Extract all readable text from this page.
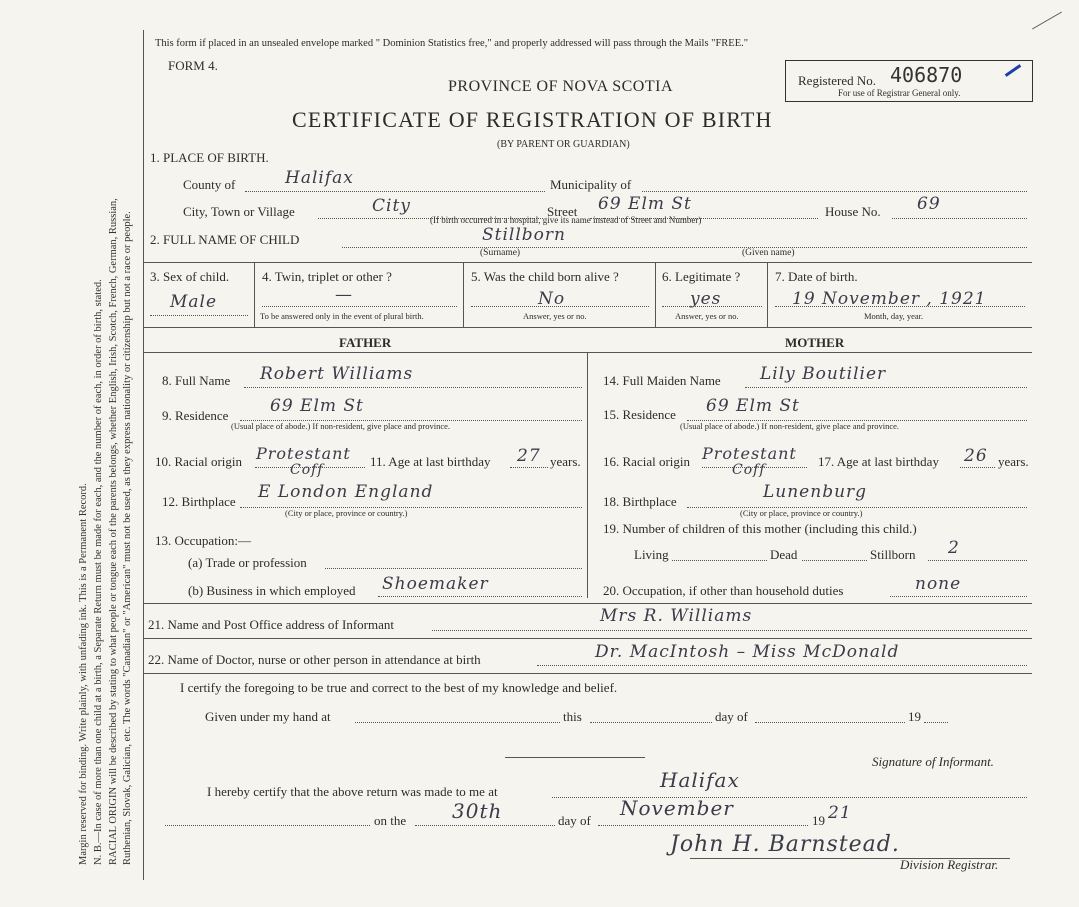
Margin reserved for binding. Write plainly, with unfading ink. This is a Permanent Record. N. B.—In case of more than one child at a birth, a Separate Return must be made for each, and the number of each, in order of birth, stated. RACIAL ORIGIN will be described by stating to what people or tongue each of the parents belongs, whether English, Irish, Scotch, French, German, Russian, Ruthenian, Slovak, Galician, etc. The words "Canadian" or "American" must not be used, as they express nationality or citizenship but not a race or people.
This form if placed in an unsealed envelope marked " Dominion Statistics free," and properly addressed will pass through the Mails "FREE."
FORM 4.
PROVINCE OF NOVA SCOTIA
CERTIFICATE OF REGISTRATION OF BIRTH
(BY PARENT OR GUARDIAN)
Registered No. 406870
For use of Registrar General only.
1. PLACE OF BIRTH.
County of	Halifax	Municipality of
City, Town or Village	City	Street 69 Elm St
(If birth occurred in a hospital, give its name instead of Street and Number)
House No. 69
2. FULL NAME OF CHILD	Stillborn
(Surname)	(Given name)
3. Sex of child.
Male
4. Twin, triplet or other ?
—
To be answered only in the event of plural birth.
5. Was the child born alive ?
No
Answer, yes or no.
6. Legitimate ?
yes
Answer, yes or no.
7. Date of birth.
19 November , 1921
Month, day, year.
FATHER	MOTHER
8. Full Name Robert Williams
9. Residence 69 Elm St
(Usual place of abode.) If non-resident, give place and province.
10. Racial origin Protestant
Coff
11. Age at last birthday 27 years.
12. Birthplace E London England
(City or place, province or country.)
13. Occupation:—
(a) Trade or profession
(b) Business in which employed Shoemaker
14. Full Maiden Name Lily Boutilier
15. Residence 69 Elm St
(Usual place of abode.) If non-resident, give place and province.
16. Racial origin Protestant
Coff
17. Age at last birthday 26 years.
18. Birthplace	Lunenburg
(City or place, province or country.)
19. Number of children of this mother (including this child.)
Living	Dead	Stillborn 2
20. Occupation, if other than household duties	none
21. Name and Post Office address of Informant	Mrs R. Williams
22. Name of Doctor, nurse or other person in attendance at birth	Dr. MacIntosh – Miss McDonald
I certify the foregoing to be true and correct to the best of my knowledge and belief.
Given under my hand at	this	day of	19
Signature of Informant.
I hereby certify that the above return was made to me at	Halifax
on the 30th	day of
November
19 21
John H. Barnstead.
Division Registrar.
